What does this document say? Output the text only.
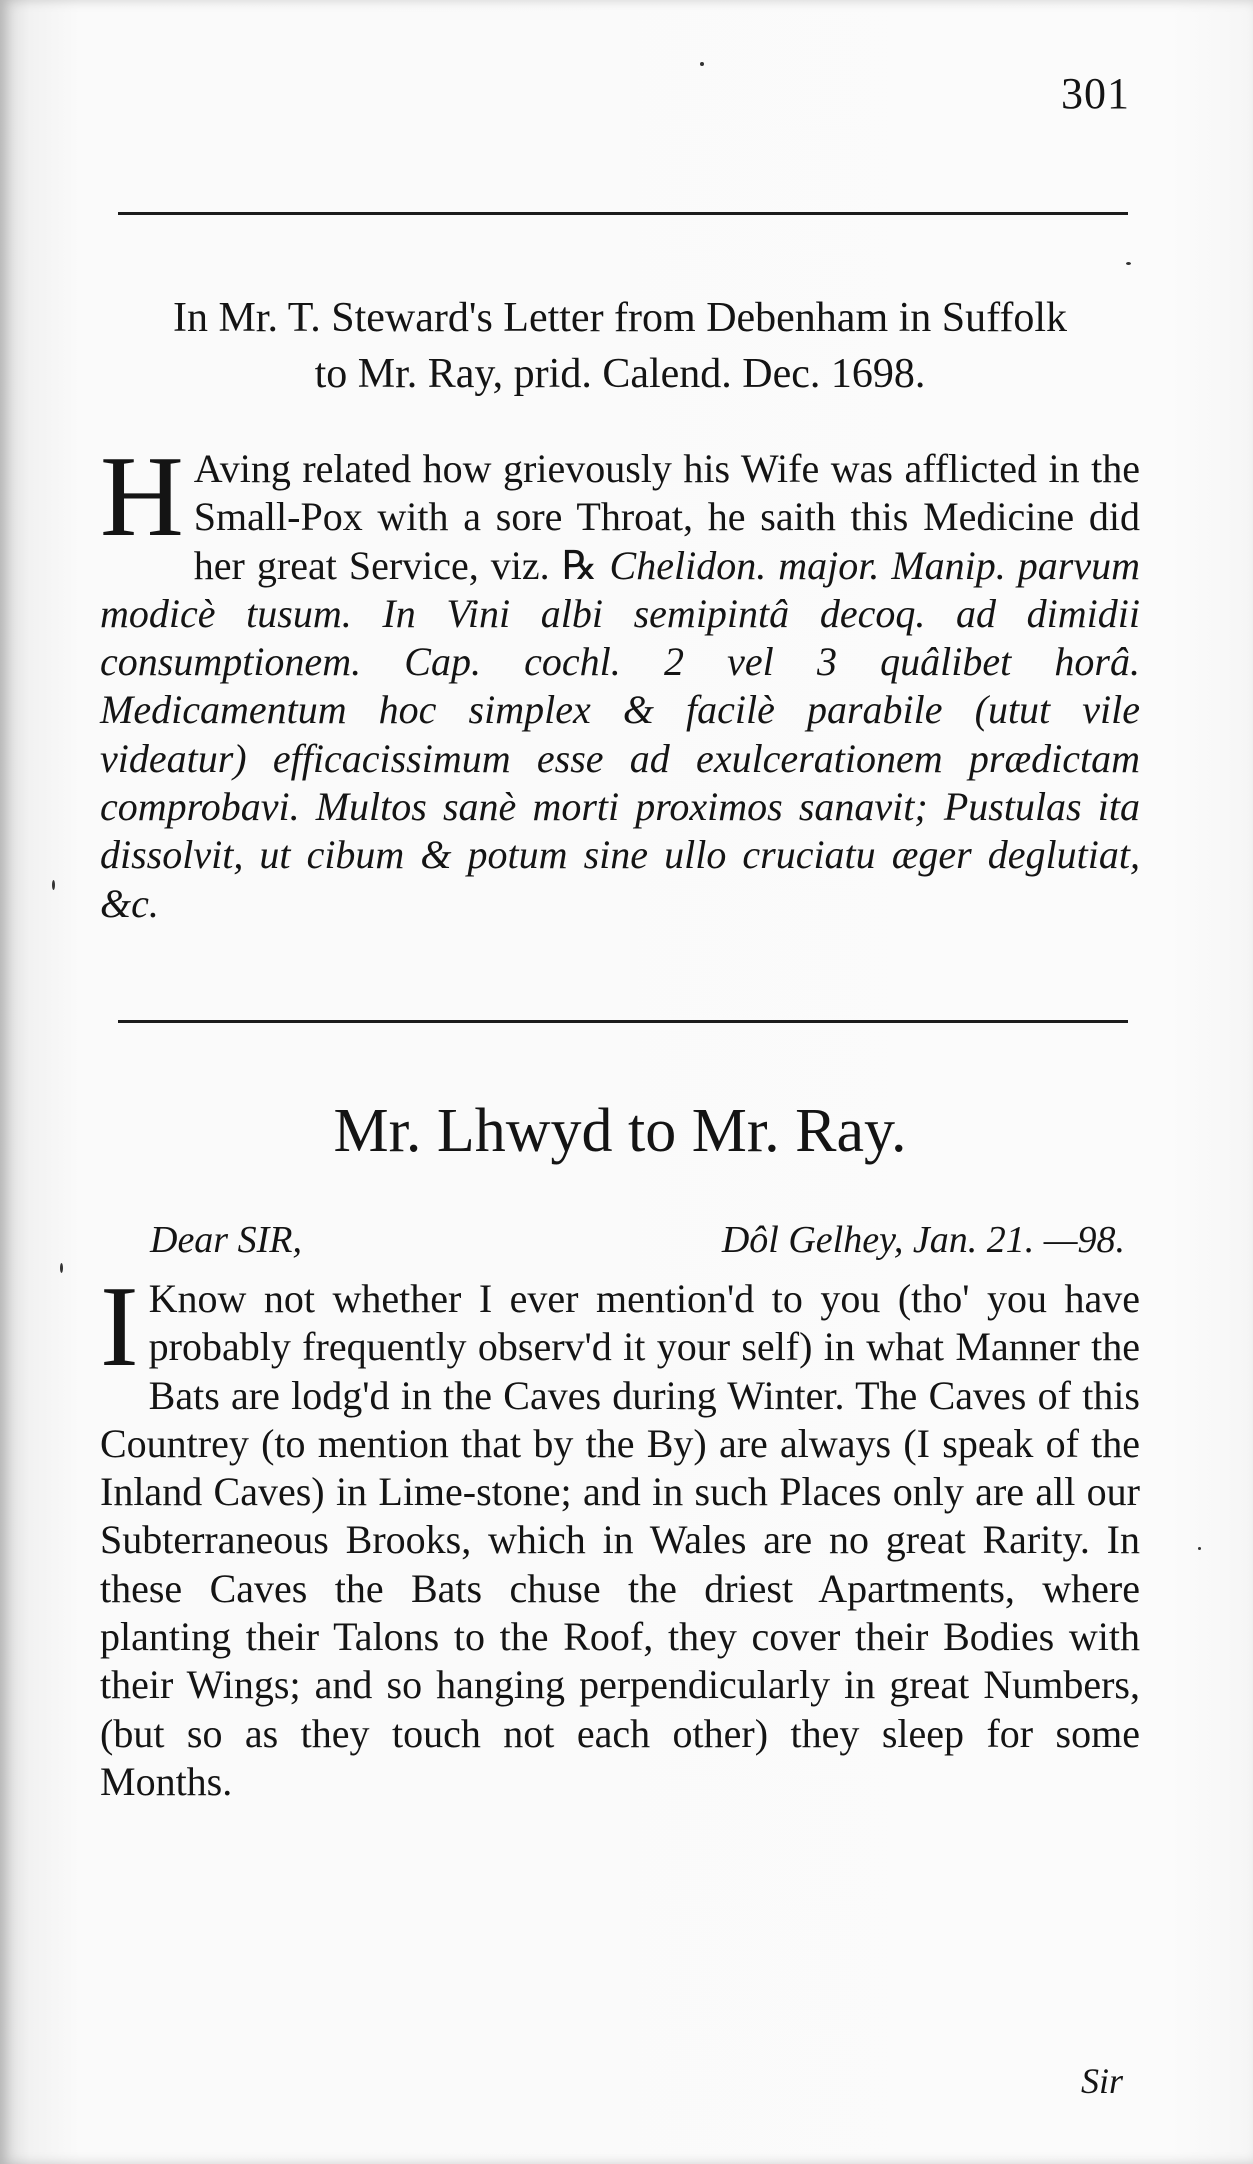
301
In Mr. T. Steward's Letter from Debenham in Suffolk
to Mr. Ray, prid. Calend. Dec. 1698.
H Aving related how grievously his Wife was afflicted in the Small-Pox with a sore Throat, he saith this Medicine did her great Service, viz. ℞ Chelidon. major. Manip. parvum modicè tusum. In Vini albi semipintâ decoq. ad dimidii consumptionem. Cap. cochl. 2 vel 3 quâlibet horâ. Medicamentum hoc simplex & facilè parabile (utut vile videatur) efficacissimum esse ad exulcerationem prædictam comprobavi. Multos sanè morti proximos sanavit; Pustulas ita dissolvit, ut cibum & potum sine ullo cruciatu æger deglutiat, &c.
Mr. Lhwyd to Mr. Ray.
Dear SIR,	Dôl Gelhey, Jan. 21. —98.
I Know not whether I ever mention'd to you (tho' you have probably frequently observ'd it your self) in what Manner the Bats are lodg'd in the Caves during Winter. The Caves of this Countrey (to mention that by the By) are always (I speak of the Inland Caves) in Lime-stone; and in such Places only are all our Subterraneous Brooks, which in Wales are no great Rarity. In these Caves the Bats chuse the driest Apartments, where planting their Talons to the Roof, they cover their Bodies with their Wings; and so hanging perpendicularly in great Numbers, (but so as they touch not each other) they sleep for some Months.
Sir
